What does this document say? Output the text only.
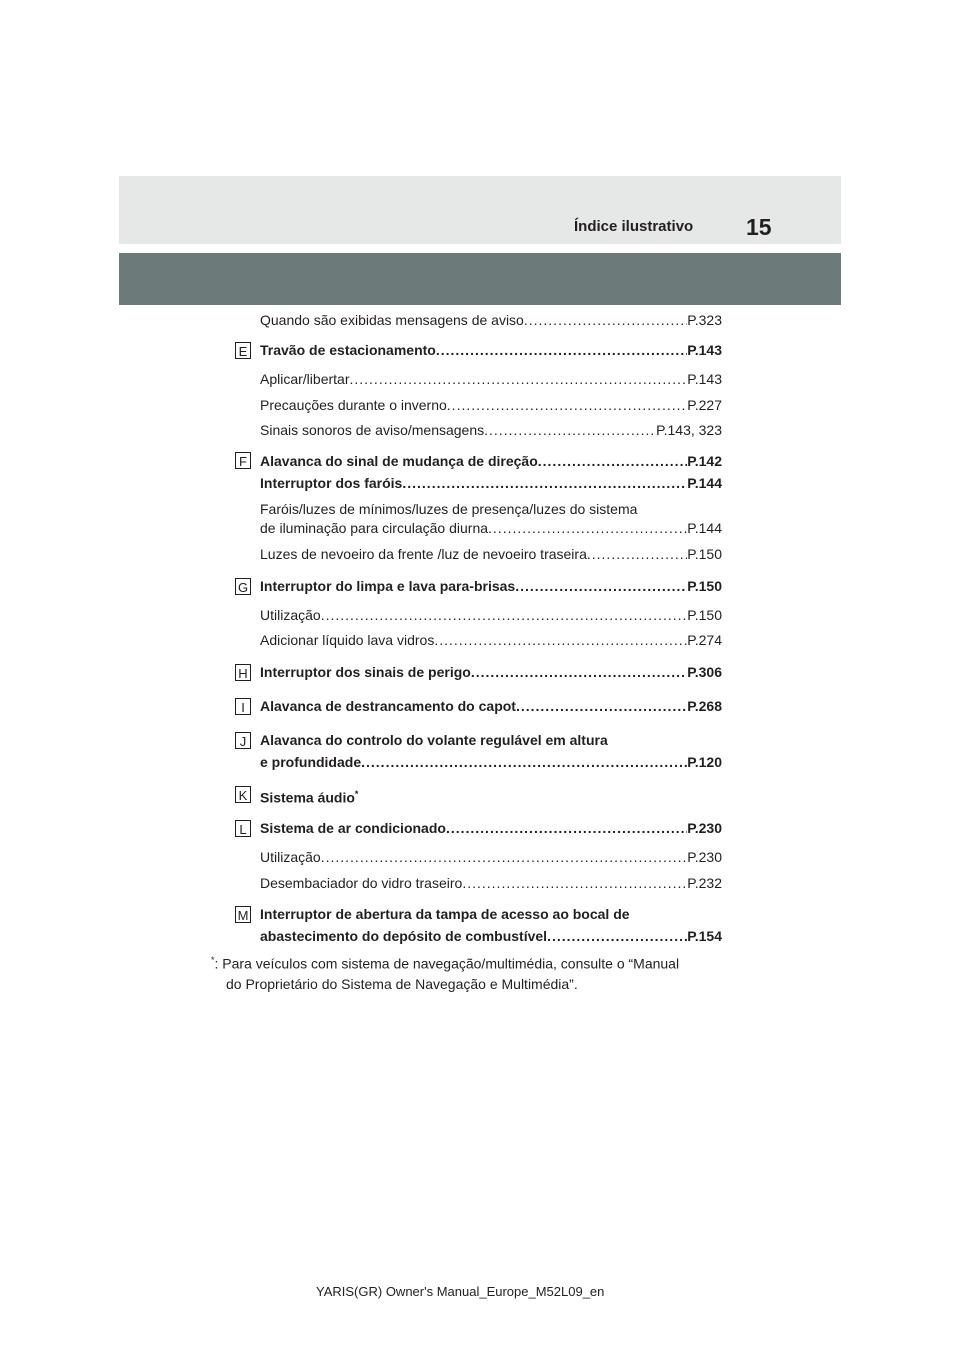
Índice ilustrativo 15
Quando são exibidas mensagens de aviso .....	P.323
E Travão de estacionamento .....	P.143
Aplicar/libertar .....	P.143
Precauções durante o inverno .....	P.227
Sinais sonoros de aviso/mensagens .....	P.143, 323
F Alavanca do sinal de mudança de direção .....	P.142
Interruptor dos faróis .....	P.144
Faróis/luzes de mínimos/luzes de presença/luzes do sistema
de iluminação para circulação diurna .....	P.144
Luzes de nevoeiro da frente /luz de nevoeiro traseira .....	P.150
G Interruptor do limpa e lava para-brisas .....	P.150
Utilização .....	P.150
Adicionar líquido lava vidros .....	P.274
H Interruptor dos sinais de perigo .....	P.306
I	Alavanca de destrancamento do capot .....	P.268
J Alavanca do controlo do volante regulável em altura
e profundidade .....	P.120
K Sistema áudio*
L Sistema de ar condicionado .....	P.230
Utilização .....	P.230
Desembaciador do vidro traseiro .....	P.232
M Interruptor de abertura da tampa de acesso ao bocal de
abastecimento do depósito de combustível .....	P.154
*: Para veículos com sistema de navegação/multimédia, consulte o “Manual
do Proprietário do Sistema de Navegação e Multimédia”.
YARIS(GR) Owner's Manual_Europe_M52L09_en
